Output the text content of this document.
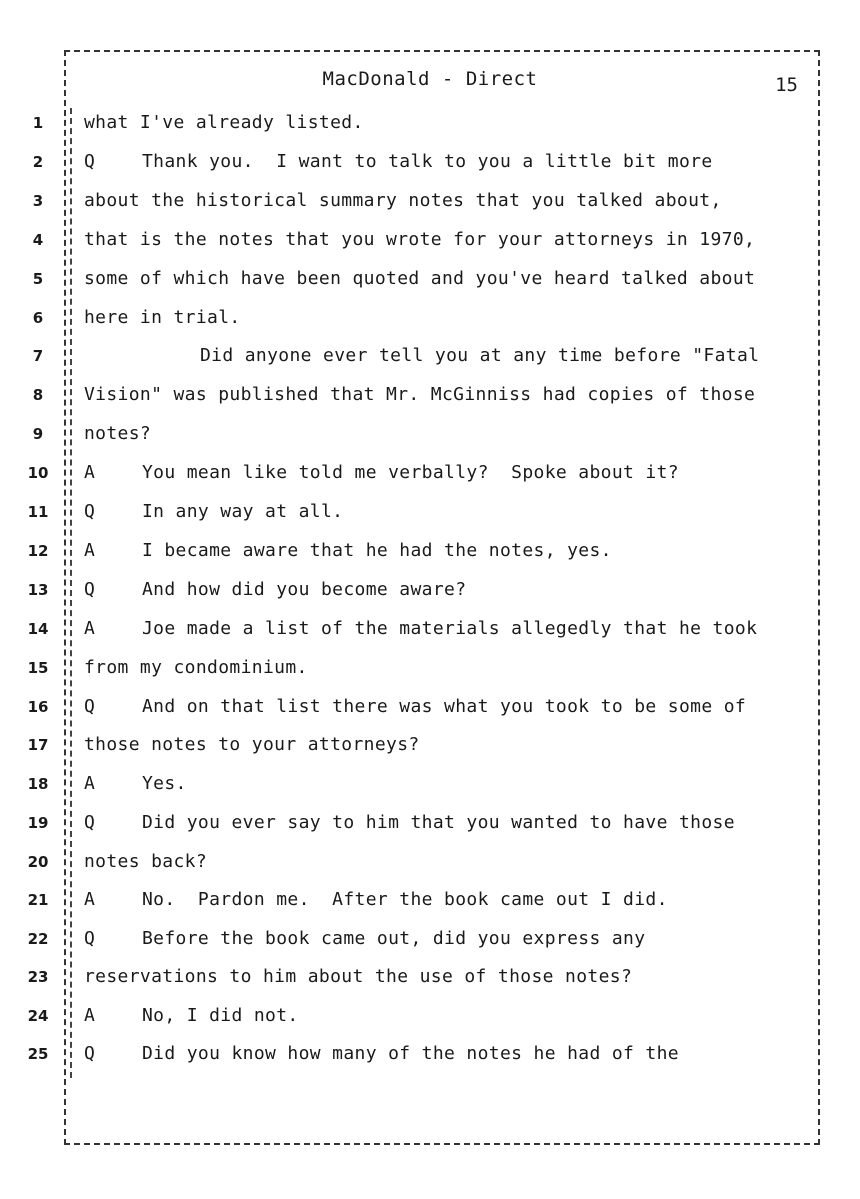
MacDonald - Direct	15
1	what I've already listed.
2	Q	Thank you.  I want to talk to you a little bit more
3	about the historical summary notes that you talked about,
4	that is the notes that you wrote for your attorneys in 1970,
5	some of which have been quoted and you've heard talked about
6	here in trial.
7	Did anyone ever tell you at any time before "Fatal
8	Vision" was published that Mr. McGinniss had copies of those
9	notes?
10	A	You mean like told me verbally?  Spoke about it?
11	Q	In any way at all.
12	A	I became aware that he had the notes, yes.
13	Q	And how did you become aware?
14	A	Joe made a list of the materials allegedly that he took
15	from my condominium.
16	Q	And on that list there was what you took to be some of
17	those notes to your attorneys?
18	A	Yes.
19	Q	Did you ever say to him that you wanted to have those
20	notes back?
21	A	No.  Pardon me.  After the book came out I did.
22	Q	Before the book came out, did you express any
23	reservations to him about the use of those notes?
24	A	No, I did not.
25	Q	Did you know how many of the notes he had of the
